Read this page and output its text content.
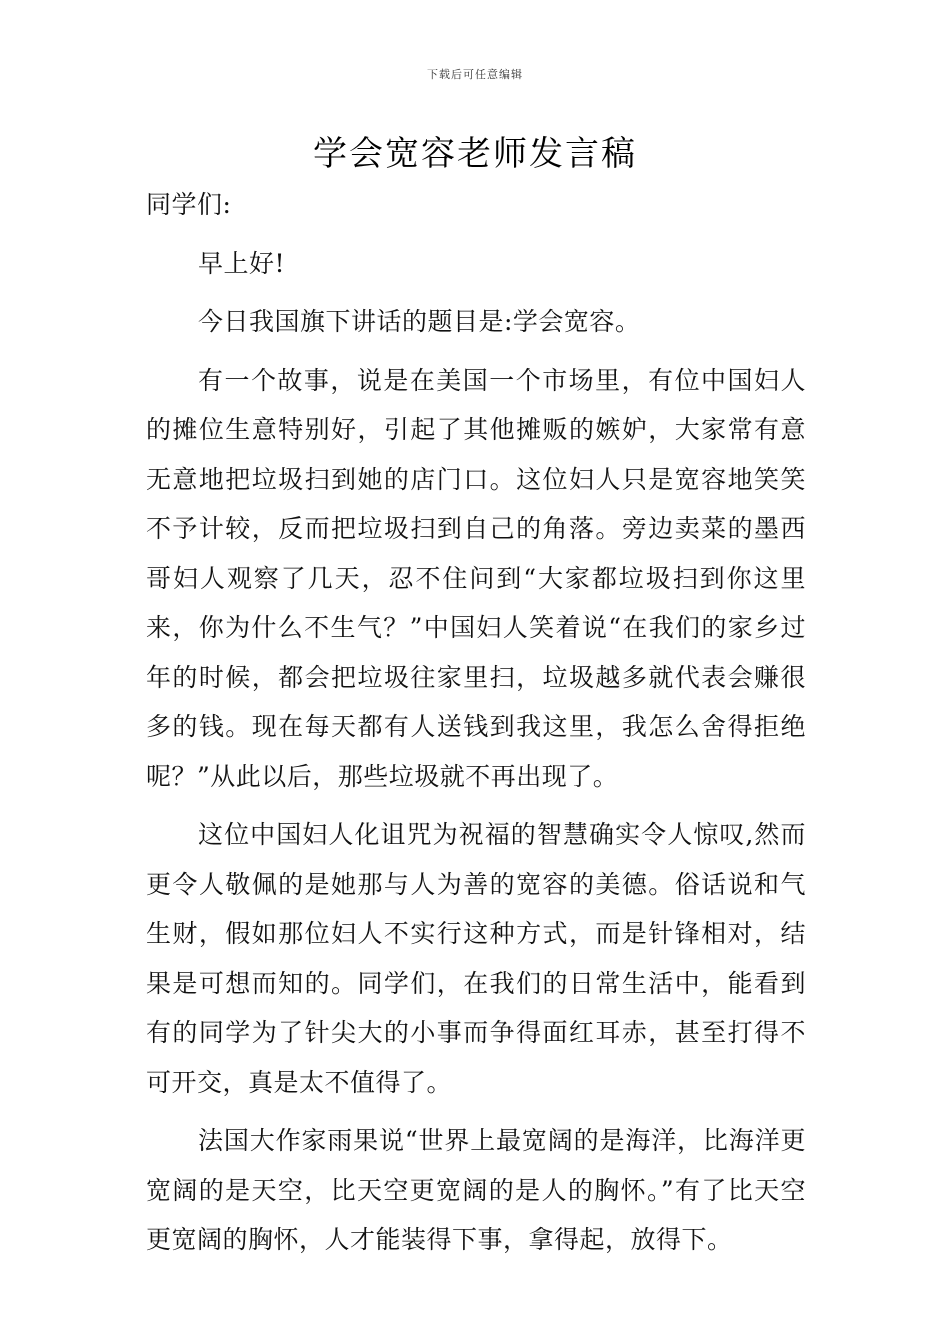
下载后可任意编辑
学会宽容老师发言稿

同学们:

早上好!

今日我国旗下讲话的题目是:学会宽容。

有一个故事，说是在美国一个市场里，有位中国妇人的摊位生意特别好，引起了其他摊贩的嫉妒，大家常有意无意地把垃圾扫到她的店门口。这位妇人只是宽容地笑笑不予计较，反而把垃圾扫到自己的角落。旁边卖菜的墨西哥妇人观察了几天，忍不住问到“大家都垃圾扫到你这里来，你为什么不生气？”中国妇人笑着说“在我们的家乡过年的时候，都会把垃圾往家里扫，垃圾越多就代表会赚很多的钱。现在每天都有人送钱到我这里，我怎么舍得拒绝呢？”从此以后，那些垃圾就不再出现了。

这位中国妇人化诅咒为祝福的智慧确实令人惊叹,然而更令人敬佩的是她那与人为善的宽容的美德。俗话说和气生财，假如那位妇人不实行这种方式，而是针锋相对，结果是可想而知的。同学们，在我们的日常生活中，能看到有的同学为了针尖大的小事而争得面红耳赤，甚至打得不可开交，真是太不值得了。

法国大作家雨果说“世界上最宽阔的是海洋，比海洋更宽阔的是天空，比天空更宽阔的是人的胸怀。”有了比天空更宽阔的胸怀，人才能装得下事，拿得起，放得下。
